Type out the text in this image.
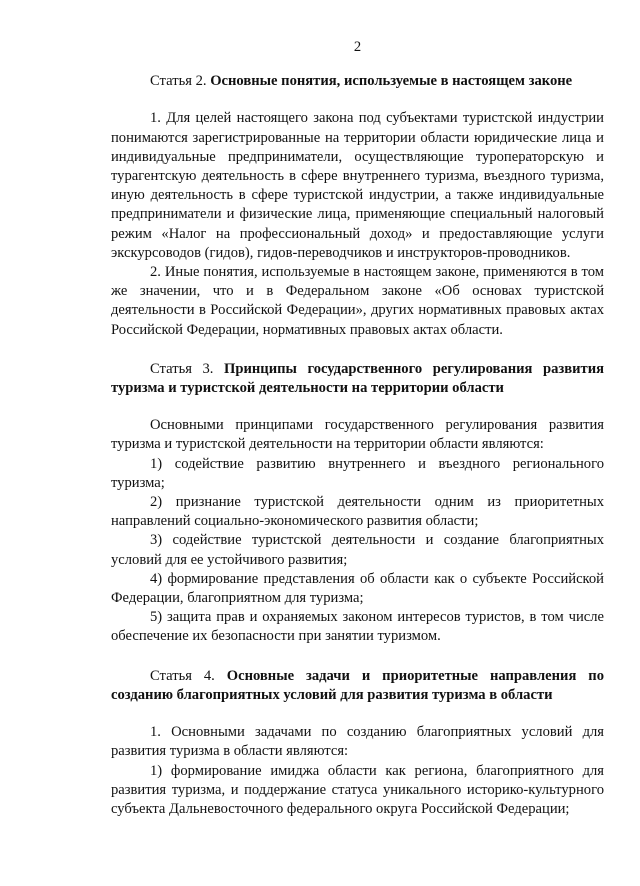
2

Статья 2. Основные понятия, используемые в настоящем законе

1. Для целей настоящего закона под субъектами туристской индустрии понимаются зарегистрированные на территории области юридические лица и индивидуальные предприниматели, осуществляющие туроператорскую и турагентскую деятельность в сфере внутреннего туризма, въездного туризма, иную деятельность в сфере туристской индустрии, а также индивидуальные предприниматели и физические лица, применяющие специальный налоговый режим «Налог на профессиональный доход» и предоставляющие услуги экскурсоводов (гидов), гидов-переводчиков и инструкторов-проводников.

2. Иные понятия, используемые в настоящем законе, применяются в том же значении, что и в Федеральном законе «Об основах туристской деятельности в Российской Федерации», других нормативных правовых актах Российской Федерации, нормативных правовых актах области.

Статья 3. Принципы государственного регулирования развития туризма и туристской деятельности на территории области

Основными принципами государственного регулирования развития туризма и туристской деятельности на территории области являются:

1) содействие развитию внутреннего и въездного регионального туризма;

2) признание туристской деятельности одним из приоритетных направлений социально-экономического развития области;

3) содействие туристской деятельности и создание благоприятных условий для ее устойчивого развития;

4) формирование представления об области как о субъекте Российской Федерации, благоприятном для туризма;

5) защита прав и охраняемых законом интересов туристов, в том числе обеспечение их безопасности при занятии туризмом.

Статья 4. Основные задачи и приоритетные направления по созданию благоприятных условий для развития туризма в области

1. Основными задачами по созданию благоприятных условий для развития туризма в области являются:

1) формирование имиджа области как региона, благоприятного для развития туризма, и поддержание статуса уникального историко-культурного субъекта Дальневосточного федерального округа Российской Федерации;
